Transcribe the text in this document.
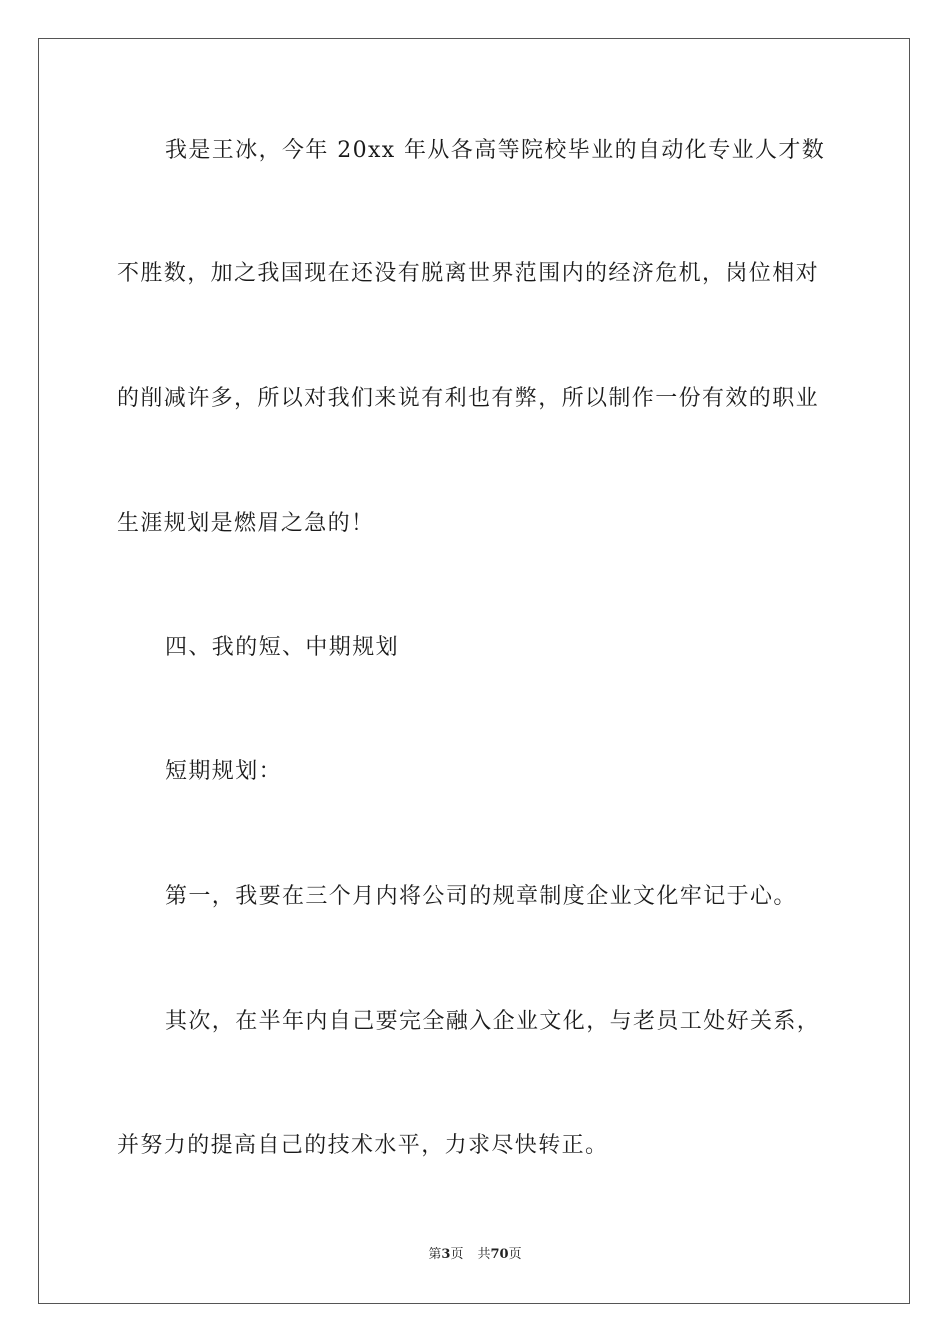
我是王冰，今年 20xx 年从各高等院校毕业的自动化专业人才数
不胜数，加之我国现在还没有脱离世界范围内的经济危机，岗位相对
的削减许多，所以对我们来说有利也有弊，所以制作一份有效的职业
生涯规划是燃眉之急的！
四、我的短、中期规划
短期规划：
第一，我要在三个月内将公司的规章制度企业文化牢记于心。
其次，在半年内自己要完全融入企业文化，与老员工处好关系，
并努力的提高自己的技术水平，力求尽快转正。
第3页 共70页
